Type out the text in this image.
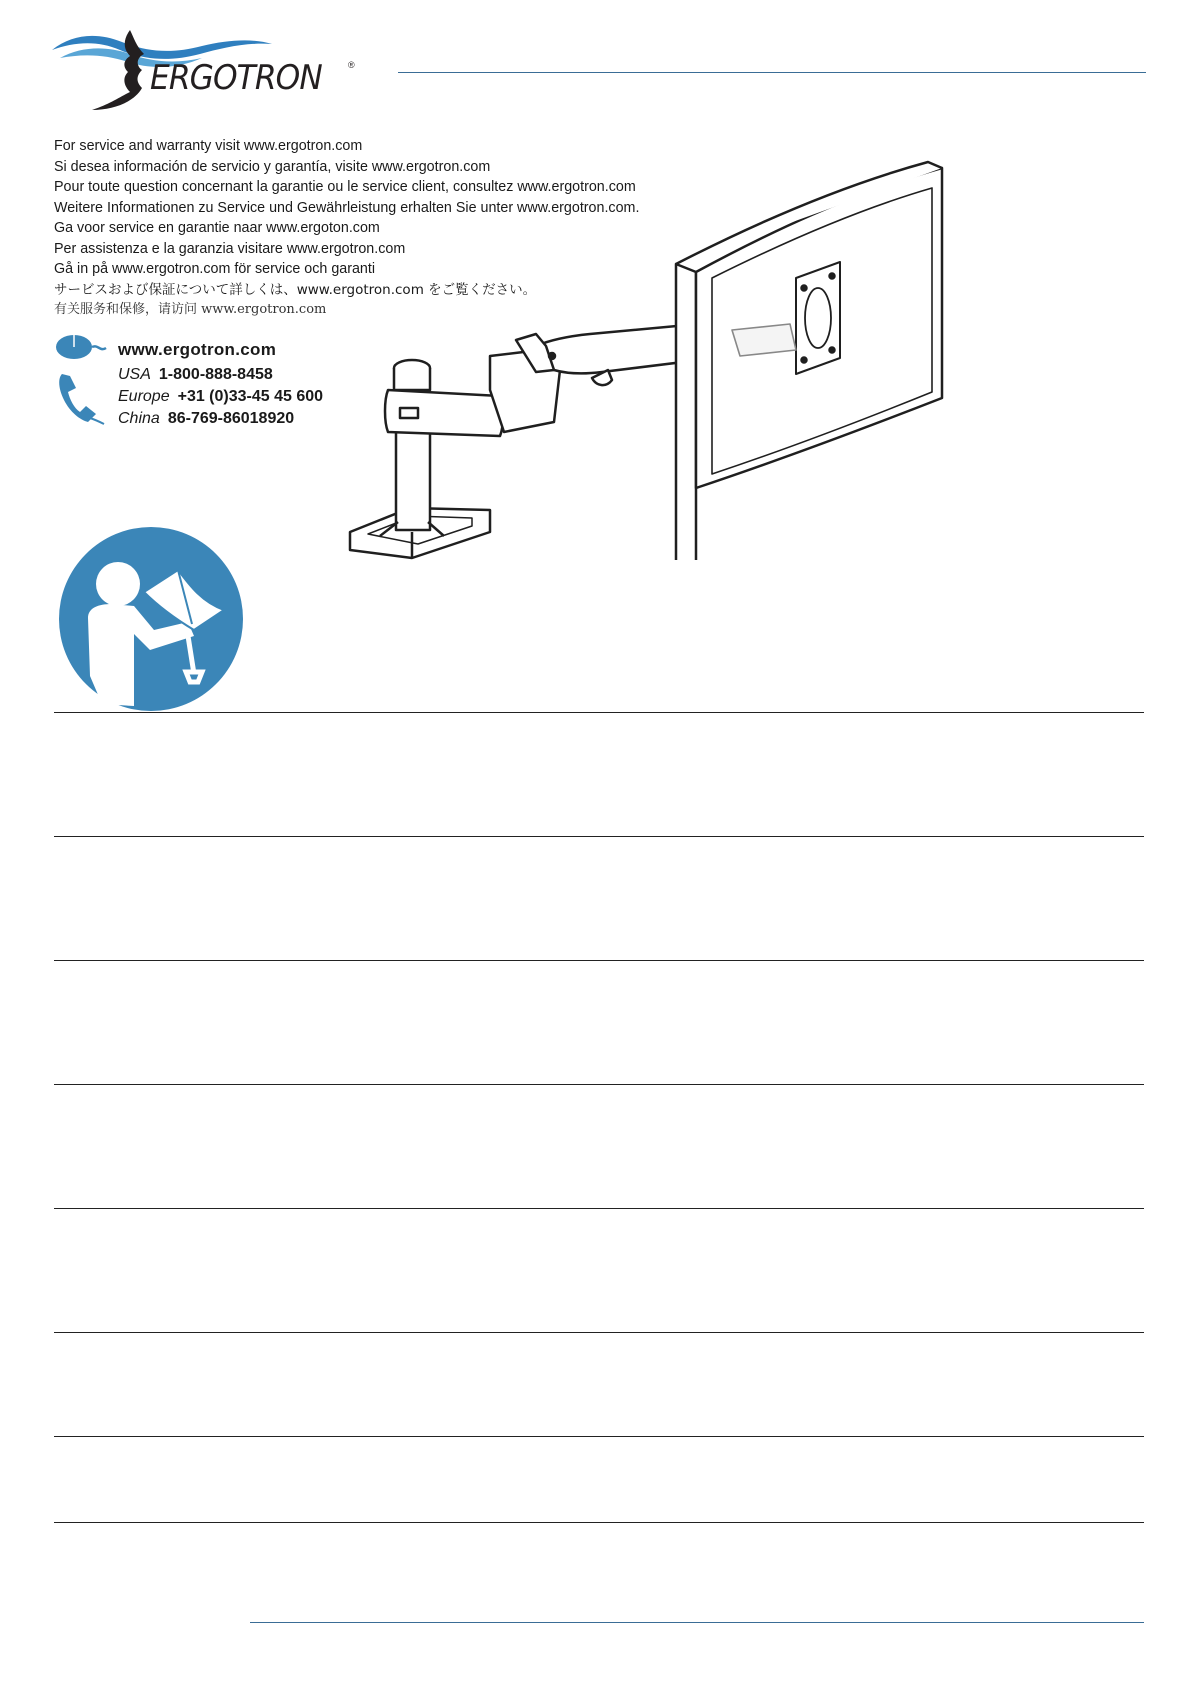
ERGOTRON	®
For service and warranty visit www.ergotron.com
Si desea información de servicio y garantía, visite www.ergotron.com
Pour toute question concernant la garantie ou le service client, consultez www.ergotron.com
Weitere Informationen zu Service und Gewährleistung erhalten Sie unter www.ergotron.com.
Ga voor service en garantie naar www.ergoton.com
Per assistenza e la garanzia visitare www.ergotron.com
Gå in på www.ergotron.com för service och garanti
サービスおよび保証について詳しくは、www.ergotron.com をご覧ください。
有关服务和保修，请访问 www.ergotron.com
www.ergotron.com
USA 1-800-888-8458
Europe +31 (0)33-45 45 600
China 86-769-86018920
